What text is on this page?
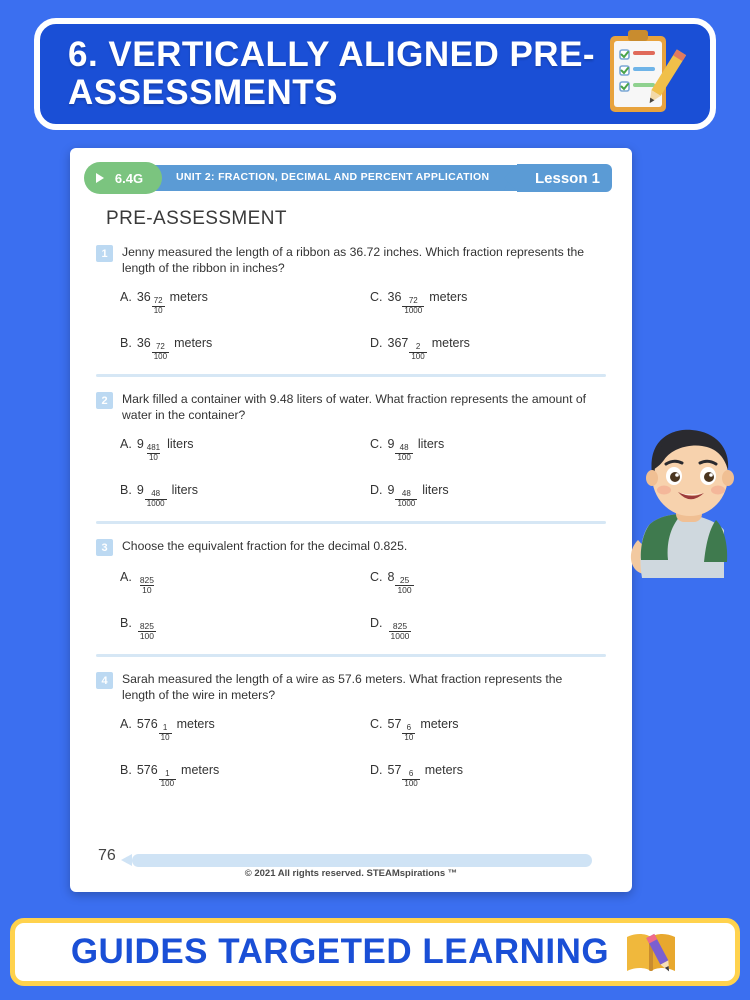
6. VERTICALLY ALIGNED PRE-ASSESSMENTS
6.4G	UNIT 2: FRACTION, DECIMAL AND PERCENT APPLICATION	Lesson 1
PRE-ASSESSMENT
1	Jenny measured the length of a ribbon as 36.72 inches. Which fraction represents the length of the ribbon in inches?
A. $36 \frac{72}{10}$ meters	C. $36 \frac{72}{1000}$ meters
B. $36 \frac{72}{100}$ meters	D. $367 \frac{2}{100}$ meters
2	Mark filled a container with 9.48 liters of water. What fraction represents the amount of water in the container?
A. $9 \frac{481}{10}$ liters	C. $9 \frac{48}{100}$ liters
B. $9 \frac{48}{1000}$ liters	D. $9 \frac{48}{1000}$ liters
3	Choose the equivalent fraction for the decimal 0.825.
A. $\frac{825}{10}$	C. $8 \frac{25}{100}$
B. $\frac{825}{100}$	D. $\frac{825}{1000}$
4	Sarah measured the length of a wire as 57.6 meters. What fraction represents the length of the wire in meters?
A. $576 \frac{1}{10}$ meters	C. $57 \frac{6}{10}$ meters
B. $576 \frac{1}{100}$ meters	D. $57 \frac{6}{100}$ meters
76
© 2021 All rights reserved. STEAMspirations ™
GUIDES TARGETED LEARNING
